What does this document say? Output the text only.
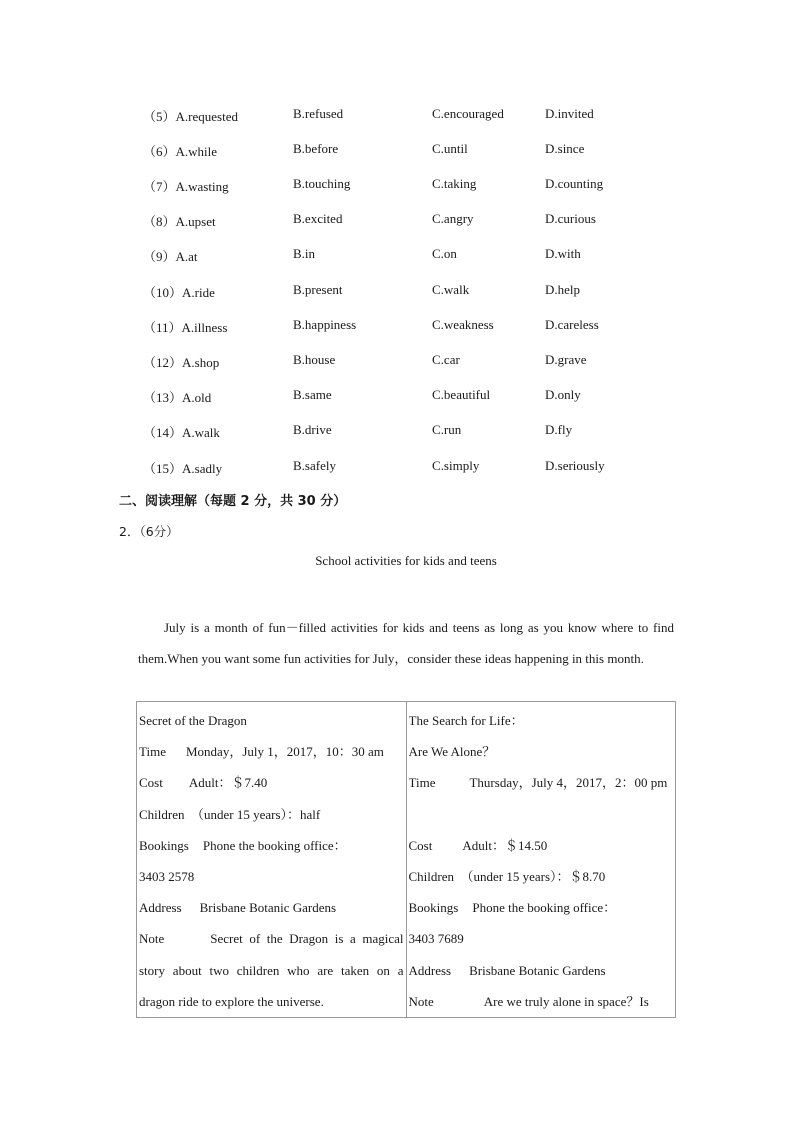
（5）A.requested	B.refused	C.encouraged	D.invited
（6）A.while	B.before	C.until	D.since
（7）A.wasting	B.touching	C.taking	D.counting
（8）A.upset	B.excited	C.angry	D.curious
（9）A.at	B.in	C.on	D.with
（10）A.ride	B.present	C.walk	D.help
（11）A.illness	B.happiness	C.weakness	D.careless
（12）A.shop	B.house	C.car	D.grave
（13）A.old	B.same	C.beautiful	D.only
（14）A.walk	B.drive	C.run	D.fly
（15）A.sadly	B.safely	C.simply	D.seriously
二、阅读理解（每题 2 分，共 30 分）
2．（6分）
School activities for kids and teens
July is a month of fun－filled activities for kids and teens as long as you know where to find them.When you want some fun activities for July，consider these ideas happening in this month.
Secret of the Dragon
Time Monday，July 1，2017，10：30 am
Cost Adult：＄7.40
Children　（under 15 years）：half
Bookings Phone the booking office：
3403 2578
Address Brisbane Botanic Gardens
Note	Secret of the Dragon is a magical story about two children who are taken on a dragon ride to explore the universe.

The Search for Life：
Are We Alone？
Time	Thursday，July 4，2017，2：00 pm
Cost Adult：＄14.50
Children　（under 15 years）：＄8.70
Bookings Phone the booking office：
3403 7689
Address Brisbane Botanic Gardens
Note	Are we truly alone in space？Is
